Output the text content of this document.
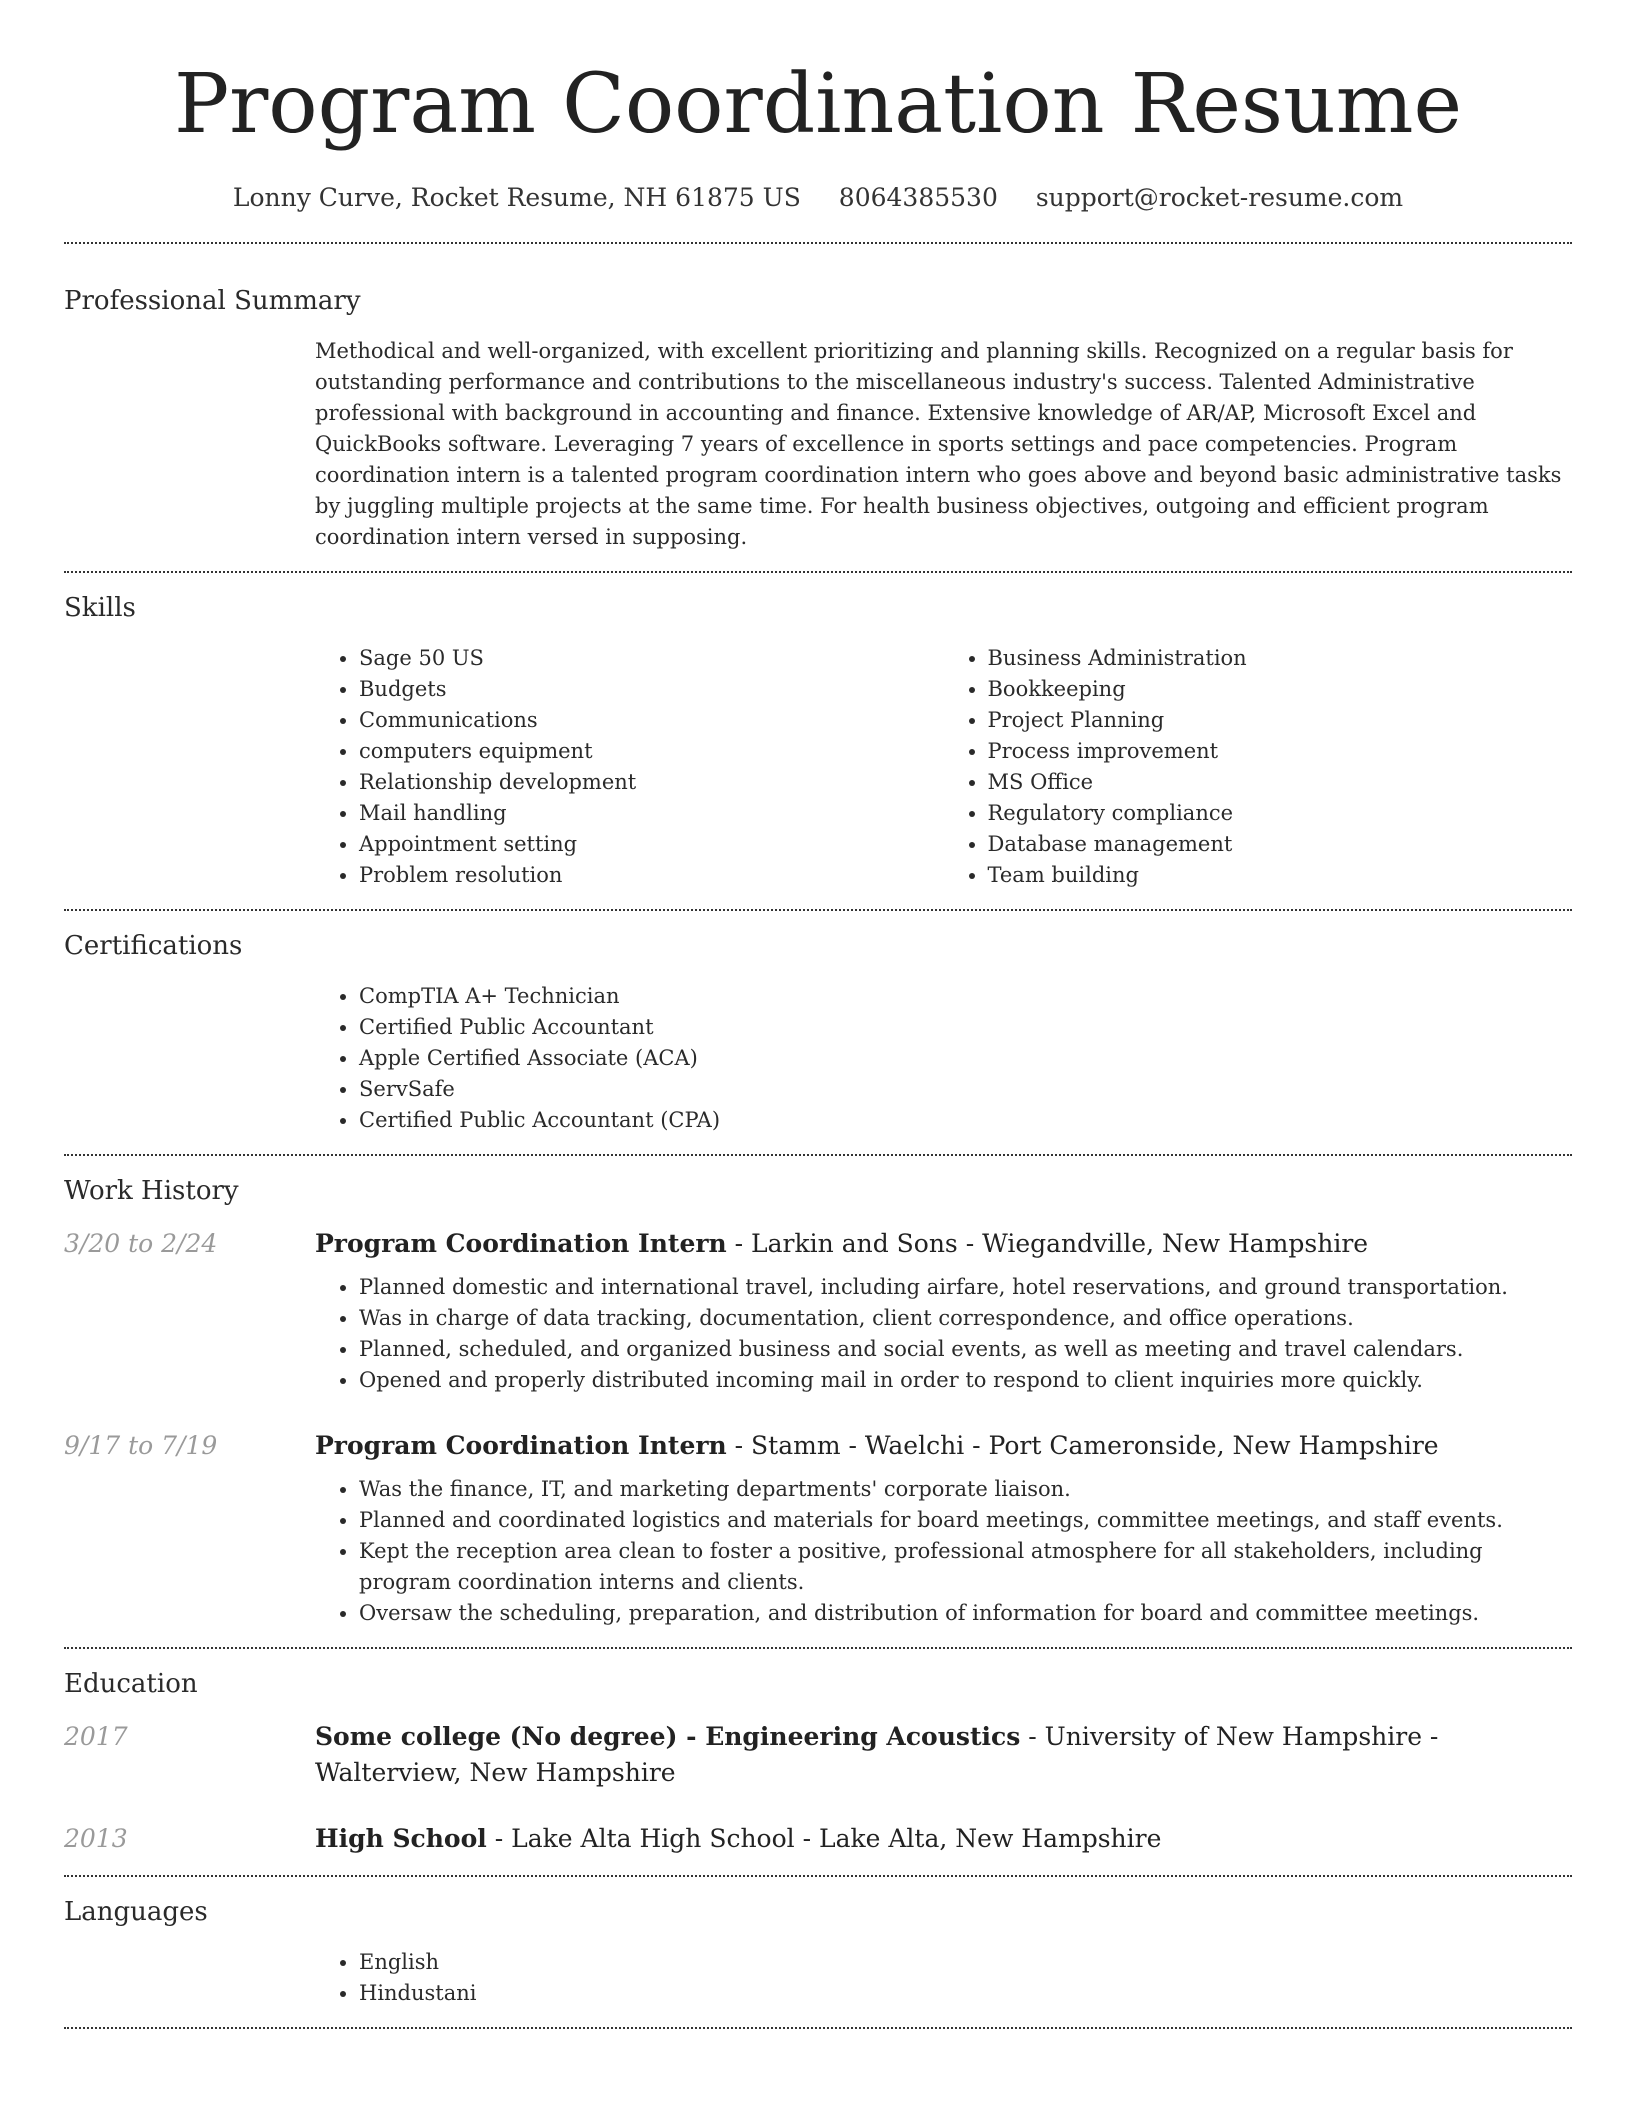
Program Coordination Resume
Lonny Curve, Rocket Resume, NH 61875 US 8064385530 support@rocket-resume.com
Professional Summary
Methodical and well-organized, with excellent prioritizing and planning skills. Recognized on a regular basis for outstanding performance and contributions to the miscellaneous industry's success. Talented Administrative professional with background in accounting and finance. Extensive knowledge of AR/AP, Microsoft Excel and QuickBooks software. Leveraging 7 years of excellence in sports settings and pace competencies. Program coordination intern is a talented program coordination intern who goes above and beyond basic administrative tasks by juggling multiple projects at the same time. For health business objectives, outgoing and efficient program coordination intern versed in supposing.
Skills
• Sage 50 US
• Budgets
• Communications
• computers equipment
• Relationship development
• Mail handling
• Appointment setting
• Problem resolution
• Business Administration
• Bookkeeping
• Project Planning
• Process improvement
• MS Office
• Regulatory compliance
• Database management
• Team building
Certifications
• CompTIA A+ Technician
• Certified Public Accountant
• Apple Certified Associate (ACA)
• ServSafe
• Certified Public Accountant (CPA)
Work History
3/20 to 2/24	Program Coordination Intern - Larkin and Sons - Wiegandville, New Hampshire
• Planned domestic and international travel, including airfare, hotel reservations, and ground transportation.
• Was in charge of data tracking, documentation, client correspondence, and office operations.
• Planned, scheduled, and organized business and social events, as well as meeting and travel calendars.
• Opened and properly distributed incoming mail in order to respond to client inquiries more quickly.
9/17 to 7/19	Program Coordination Intern - Stamm - Waelchi - Port Cameronside, New Hampshire
• Was the finance, IT, and marketing departments' corporate liaison.
• Planned and coordinated logistics and materials for board meetings, committee meetings, and staff events.
• Kept the reception area clean to foster a positive, professional atmosphere for all stakeholders, including program coordination interns and clients.
• Oversaw the scheduling, preparation, and distribution of information for board and committee meetings.
Education
2017	Some college (No degree) - Engineering Acoustics - University of New Hampshire - Walterview, New Hampshire
2013	High School - Lake Alta High School - Lake Alta, New Hampshire
Languages
• English
• Hindustani
